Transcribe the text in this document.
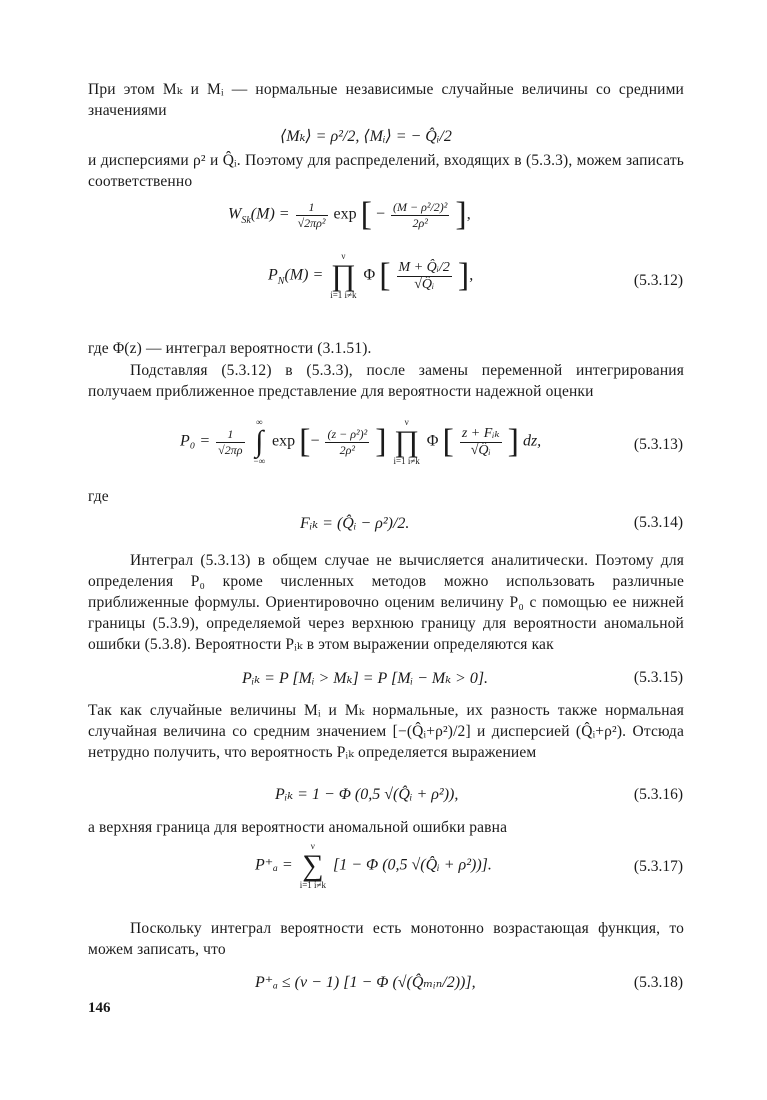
При этом Mₖ и Mᵢ — нормальные независимые случайные величины со средними значениями

⟨Mₖ⟩ = ρ²/2, ⟨Mᵢ⟩ = − Q̂ᵢ/2

и дисперсиями ρ² и Q̂ᵢ. Поэтому для распределений, входящих в (5.3.3), можем записать соответственно

$W_{Sk}(M) = \frac{1}{\text{√2πρ²}}$ exp [ − $\frac{\text{(M − ρ²/2)²}}{\text{2ρ²}}$ ],
$P_N(M)$ =
ν
∏
i=1 i≠k
Φ [ $\frac{\text{M + Q̂ᵢ/2}}{\text{√Q̂ᵢ}}$ ],	(5.3.12)

где Φ(z) — интеграл вероятности (3.1.51).

Подставляя (5.3.12) в (5.3.3), после замены переменной интегрирования получаем приближенное представление для вероятности надежной оценки

$P_0 = \frac{1}{√2\pi\rho}$

∞
∫
−∞
exp [− $\frac{\text{(z − ρ²)²}}{\text{2ρ²}}$ ]
ν
∏
i=1 i≠k
Φ [ $\frac{\text{z + Fᵢₖ}}{\text{√Q̂ᵢ}}$ ] dz,	(5.3.13)

где

Fᵢₖ = (Q̂ᵢ − ρ²)/2.	(5.3.14)

Интеграл (5.3.13) в общем случае не вычисляется аналитически. Поэтому для определения P₀ кроме численных методов можно использовать различные приближенные формулы. Ориентировочно оценим величину P₀ с помощью ее нижней границы (5.3.9), определяемой через верхнюю границу для вероятности аномальной ошибки (5.3.8). Вероятности Pᵢₖ в этом выражении определяются как

Pᵢₖ = P [Mᵢ > Mₖ] = P [Mᵢ − Mₖ > 0].	(5.3.15)

Так как случайные величины Mᵢ и Mₖ нормальные, их разность также нормальная случайная величина со средним значением [−(Q̂ᵢ+ρ²)/2] и дисперсией (Q̂ᵢ+ρ²). Отсюда нетрудно получить, что вероятность Pᵢₖ определяется выражением

Pᵢₖ = 1 − Φ (0,5 √(Q̂ᵢ + ρ²)),	(5.3.16)

а верхняя граница для вероятности аномальной ошибки равна

P⁺ₐ =
ν
∑
i=1 i≠k
[1 − Φ (0,5 √(Q̂ᵢ + ρ²))].	(5.3.17)

Поскольку интеграл вероятности есть монотонно возрастающая функция, то можем записать, что

P⁺ₐ ≤ (ν − 1) [1 − Φ (√(Q̂ₘᵢₙ/2))],	(5.3.18)
146
